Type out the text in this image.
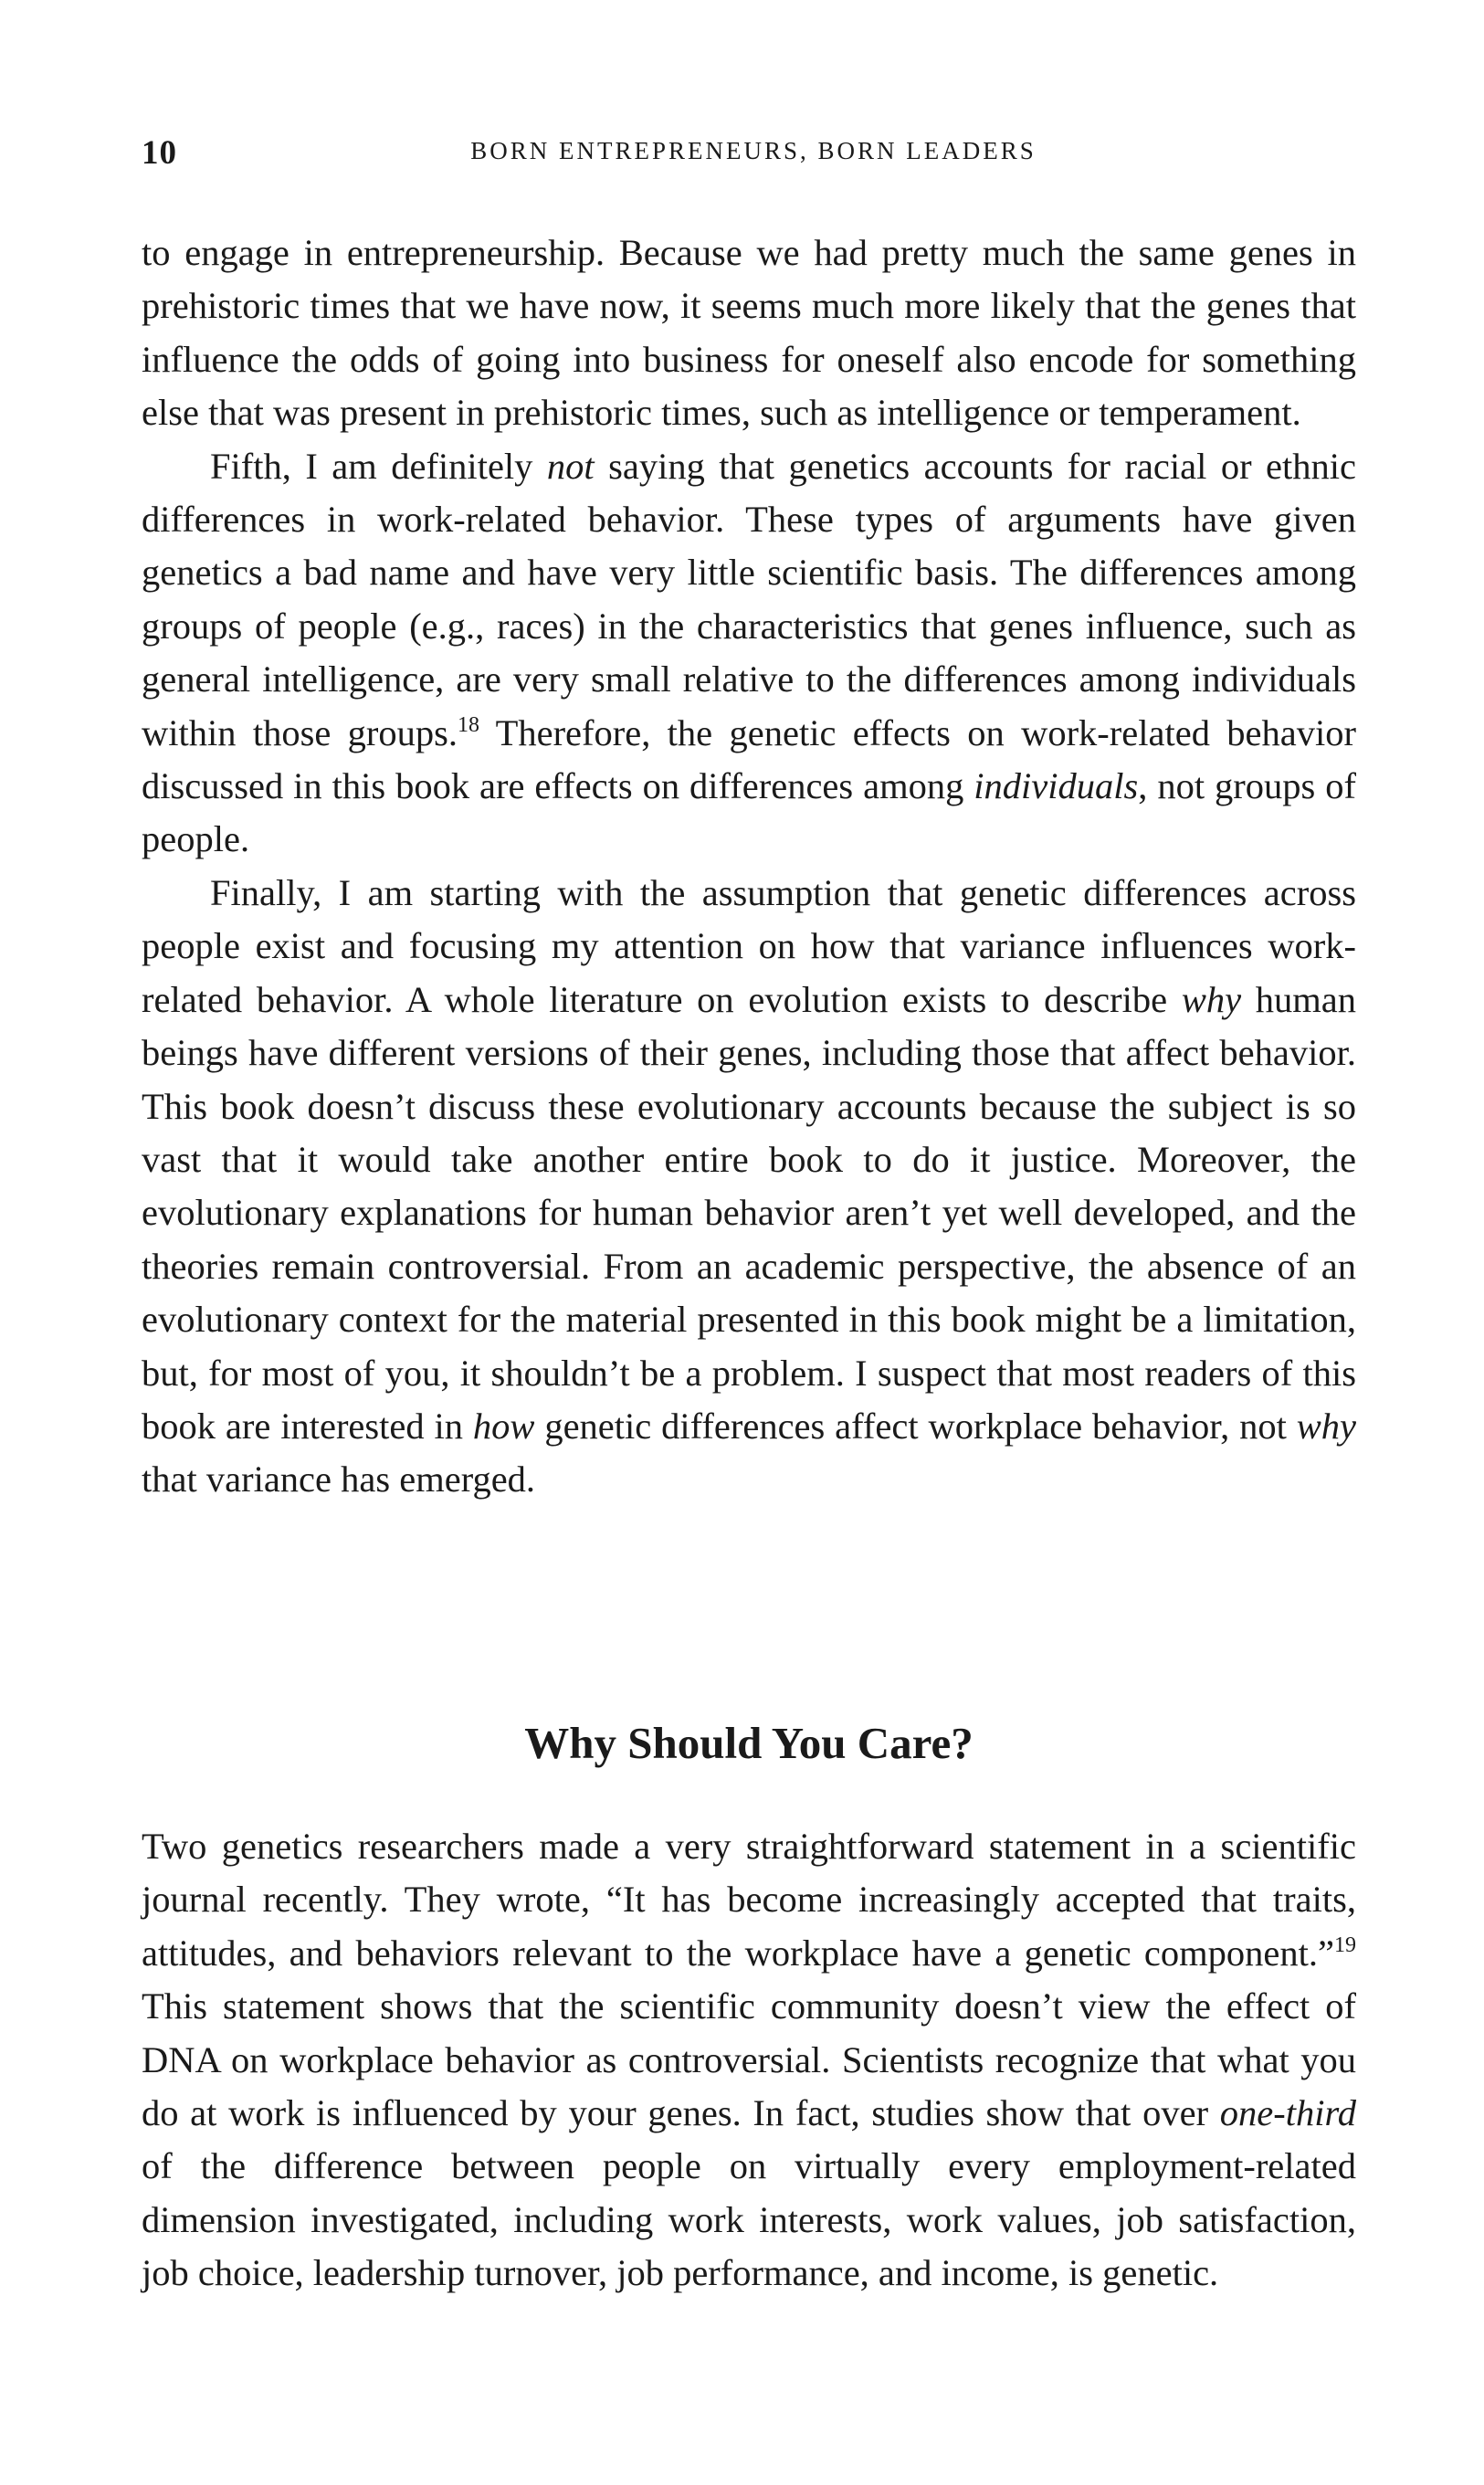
10	BORN ENTREPRENEURS, BORN LEADERS

to engage in entrepreneurship. Because we had pretty much the same genes in prehistoric times that we have now, it seems much more likely that the genes that influence the odds of going into business for oneself also encode for something else that was present in prehistoric times, such as intelligence or temperament.

Fifth, I am definitely not saying that genetics accounts for racial or ethnic differences in work-related behavior. These types of arguments have given genetics a bad name and have very little scientific basis. The differences among groups of people (e.g., races) in the characteristics that genes influence, such as general intelligence, are very small relative to the differences among individuals within those groups.$^{18}$ Therefore, the genetic effects on work-related behavior discussed in this book are effects on differences among individuals, not groups of people.

Finally, I am starting with the assumption that genetic differences across people exist and focusing my attention on how that variance influences work-related behavior. A whole literature on evolution exists to describe why human beings have different versions of their genes, including those that affect behavior. This book doesn’t discuss these evolutionary accounts because the subject is so vast that it would take another entire book to do it justice. Moreover, the evolutionary explanations for human behavior aren’t yet well developed, and the theories remain controversial. From an academic perspective, the absence of an evolutionary context for the material presented in this book might be a limitation, but, for most of you, it shouldn’t be a problem. I suspect that most readers of this book are interested in how genetic differences affect workplace behavior, not why that variance has emerged.

Why Should You Care?

Two genetics researchers made a very straightforward statement in a scientific journal recently. They wrote, “It has become increasingly accepted that traits, attitudes, and behaviors relevant to the workplace have a genetic component.”$^{19}$ This statement shows that the scientific community doesn’t view the effect of DNA on workplace behavior as controversial. Scientists recognize that what you do at work is influenced by your genes. In fact, studies show that over one-third of the difference between people on virtually every employment-related dimension investigated, including work interests, work values, job satisfaction, job choice, leadership turnover, job performance, and income, is genetic.
